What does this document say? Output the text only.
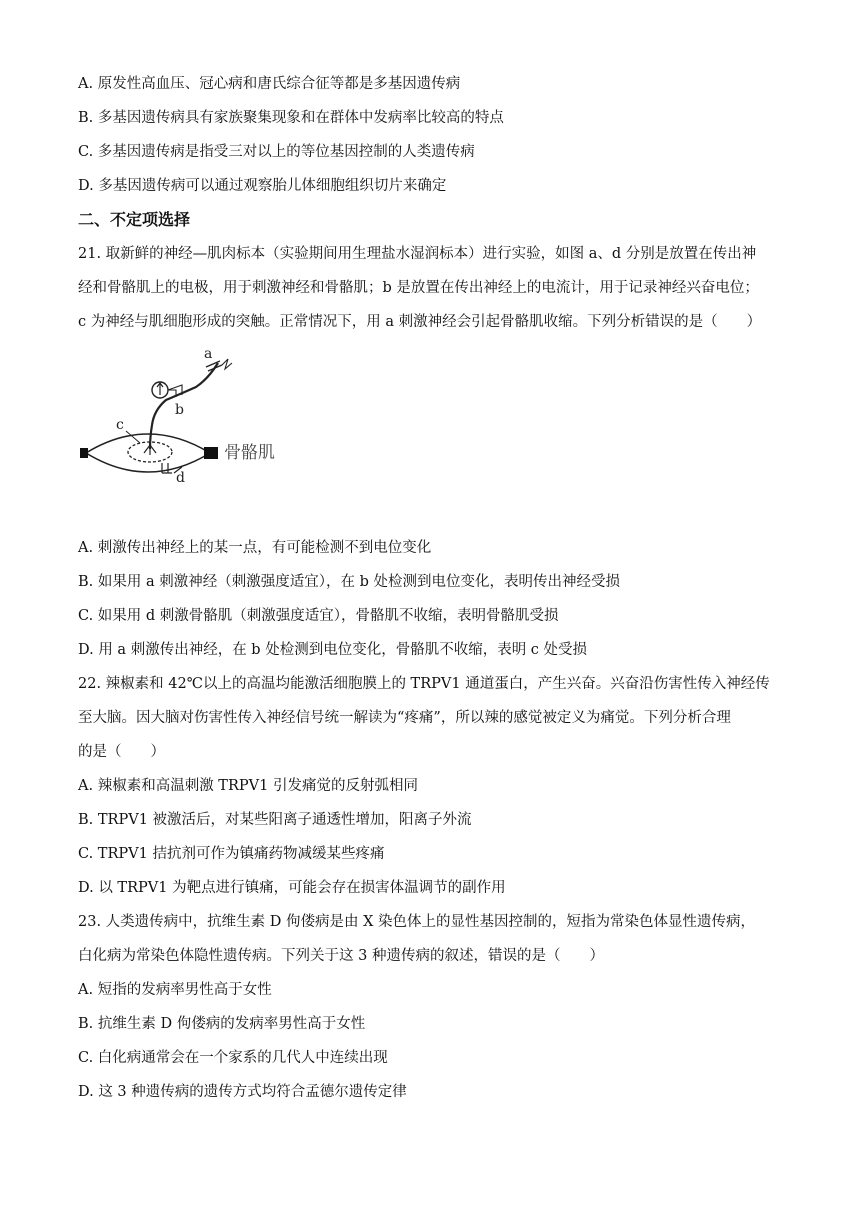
A. 原发性高血压、冠心病和唐氏综合征等都是多基因遗传病
B. 多基因遗传病具有家族聚集现象和在群体中发病率比较高的特点
C. 多基因遗传病是指受三对以上的等位基因控制的人类遗传病
D. 多基因遗传病可以通过观察胎儿体细胞组织切片来确定
二、不定项选择
21. 取新鲜的神经—肌肉标本（实验期间用生理盐水湿润标本）进行实验，如图 a、d 分别是放置在传出神
经和骨骼肌上的电极，用于刺激神经和骨骼肌；b 是放置在传出神经上的电流计，用于记录神经兴奋电位；
c 为神经与肌细胞形成的突触。正常情况下，用 a 刺激神经会引起骨骼肌收缩。下列分析错误的是（　　）
a
b
c
d
骨骼肌
A. 刺激传出神经上的某一点，有可能检测不到电位变化
B. 如果用 a 刺激神经（刺激强度适宜），在 b 处检测到电位变化，表明传出神经受损
C. 如果用 d 刺激骨骼肌（刺激强度适宜），骨骼肌不收缩，表明骨骼肌受损
D. 用 a 刺激传出神经，在 b 处检测到电位变化，骨骼肌不收缩，表明 c 处受损
22. 辣椒素和 42℃以上的高温均能激活细胞膜上的 TRPV1 通道蛋白，产生兴奋。兴奋沿伤害性传入神经传
至大脑。因大脑对伤害性传入神经信号统一解读为“疼痛”，所以辣的感觉被定义为痛觉。下列分析合理
的是（　　）
A. 辣椒素和高温刺激 TRPV1 引发痛觉的反射弧相同
B. TRPV1 被激活后，对某些阳离子通透性增加，阳离子外流
C. TRPV1 拮抗剂可作为镇痛药物减缓某些疼痛
D. 以 TRPV1 为靶点进行镇痛，可能会存在损害体温调节的副作用
23. 人类遗传病中，抗维生素 D 佝偻病是由 X 染色体上的显性基因控制的，短指为常染色体显性遗传病，
白化病为常染色体隐性遗传病。下列关于这 3 种遗传病的叙述，错误的是（　　）
A. 短指的发病率男性高于女性
B. 抗维生素 D 佝偻病的发病率男性高于女性
C. 白化病通常会在一个家系的几代人中连续出现
D. 这 3 种遗传病的遗传方式均符合孟德尔遗传定律
